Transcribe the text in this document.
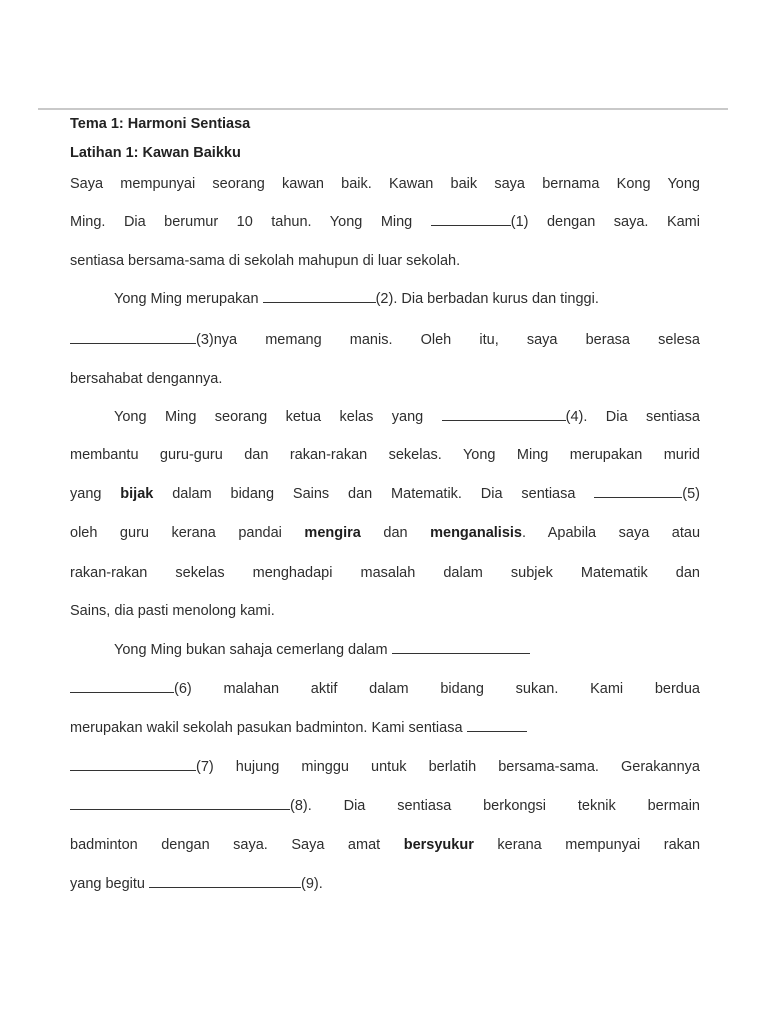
Tema 1: Harmoni Sentiasa
Latihan 1: Kawan Baikku
Saya mempunyai seorang kawan baik. Kawan baik saya bernama Kong Yong
Ming. Dia berumur 10 tahun. Yong Ming	(1) dengan saya. Kami
sentiasa bersama-sama di sekolah mahupun di luar sekolah.
Yong Ming merupakan	(2). Dia berbadan kurus dan tinggi.
(3)nya memang manis. Oleh itu, saya berasa selesa
bersahabat dengannya.
Yong Ming seorang ketua kelas yang	(4). Dia sentiasa
membantu guru-guru dan rakan-rakan sekelas. Yong Ming merupakan murid
yang bijak dalam bidang Sains dan Matematik. Dia sentiasa	(5)
oleh guru kerana pandai mengira dan menganalisis. Apabila saya atau
rakan-rakan sekelas menghadapi masalah dalam subjek Matematik dan
Sains, dia pasti menolong kami.
Yong Ming bukan sahaja cemerlang dalam
(6) malahan aktif dalam bidang sukan. Kami berdua
merupakan wakil sekolah pasukan badminton. Kami sentiasa
(7) hujung minggu untuk berlatih bersama-sama. Gerakannya
(8). Dia sentiasa berkongsi teknik bermain
badminton dengan saya. Saya amat bersyukur kerana mempunyai rakan
yang begitu	(9).
